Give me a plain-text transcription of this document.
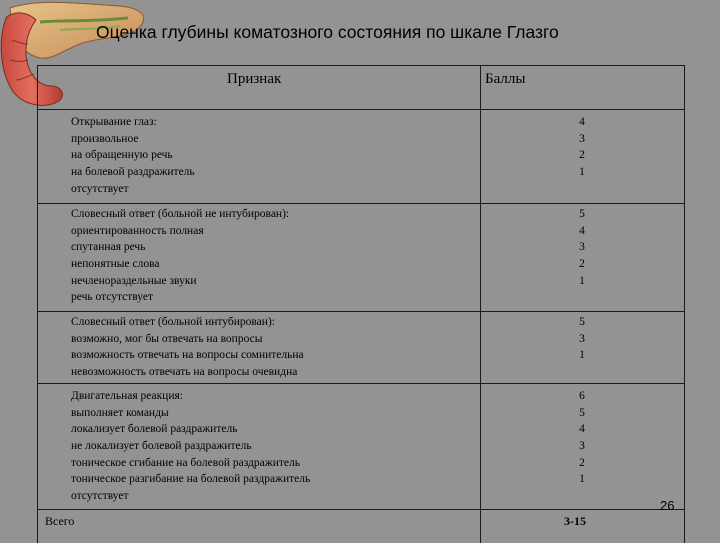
Оценка глубины коматозного состояния по шкале Глазго
Признак	Баллы
Открывание глаз:
произвольное
на обращенную речь
на болевой раздражитель
отсутствует
4
3
2
1
Словесный ответ (больной не интубирован):
ориентированность полная
спутанная речь
непонятные слова
нечленораздельные звуки
речь отсутствует
5
4
3
2
1
Словесный ответ (больной интубирован):
возможно, мог бы отвечать на вопросы
возможность отвечать на вопросы сомнительна
невозможность отвечать на вопросы очевидна
5
3
1
Двигательная реакция:
выполняет команды
локализует болевой раздражитель
не локализует болевой раздражитель
тоническое сгибание на болевой раздражитель
тоническое разгибание на болевой раздражитель
отсутствует
6
5
4
3
2
1
Всего	3-15
26
